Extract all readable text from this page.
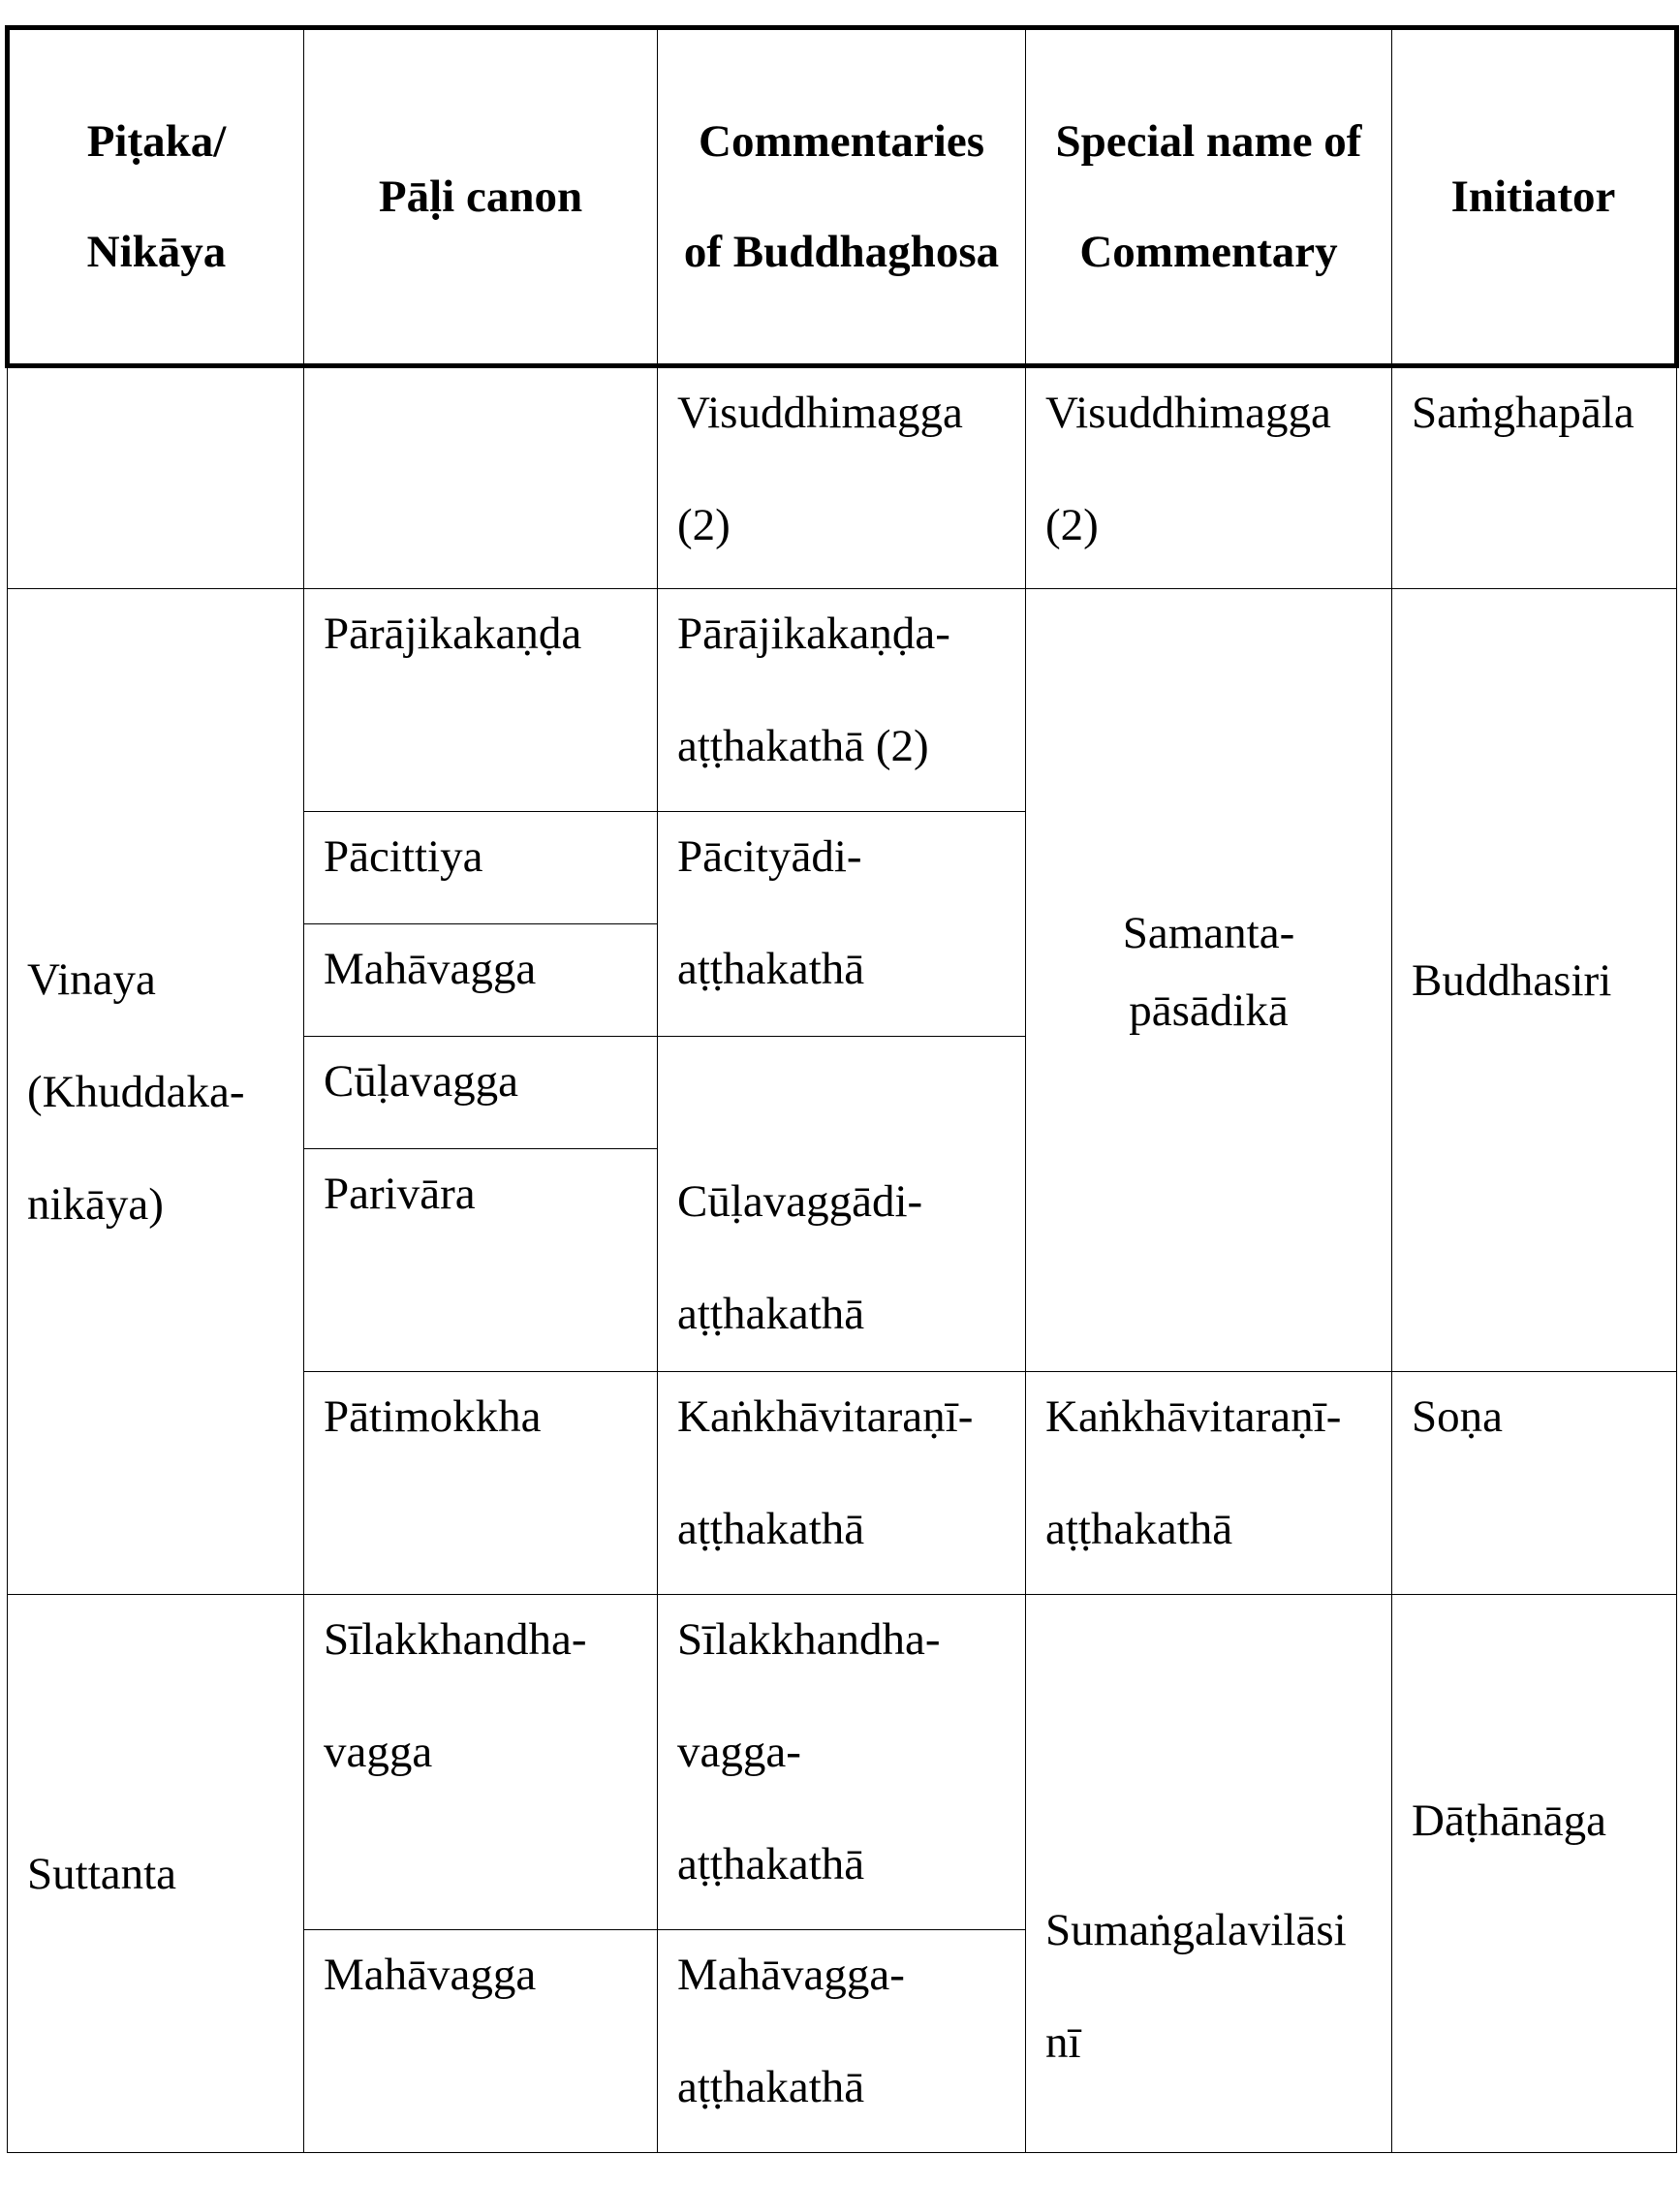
Piṭaka/ Nikāya	Pāḷi canon	Commentaries of Buddhaghosa	Special name of Commentary	Initiator

		Visuddhimagga (2)	Visuddhimagga (2)	Saṁghapāla

Vinaya (Khuddaka-nikāya)	Pārājikakaṇḍa	Pārājikakaṇḍa-aṭṭhakathā (2)	Samanta-pāsādikā	Buddhasiri

	Pācittiya	Pācityādi-aṭṭhakathā		

	Mahāvagga			

	Cūḷavagga	Cūḷavaggādi-aṭṭhakathā		

	Parivāra			

	Pātimokkha	Kaṅkhāvitaraṇī-aṭṭhakathā	Kaṅkhāvitaraṇī-aṭṭhakathā	Soṇa

Suttanta	Sīlakkhandha-vagga	Sīlakkhandha-vagga-aṭṭhakathā	Sumaṅgalavilāsinī	Dāṭhānāga

	Mahāvagga	Mahāvagga-aṭṭhakathā		
